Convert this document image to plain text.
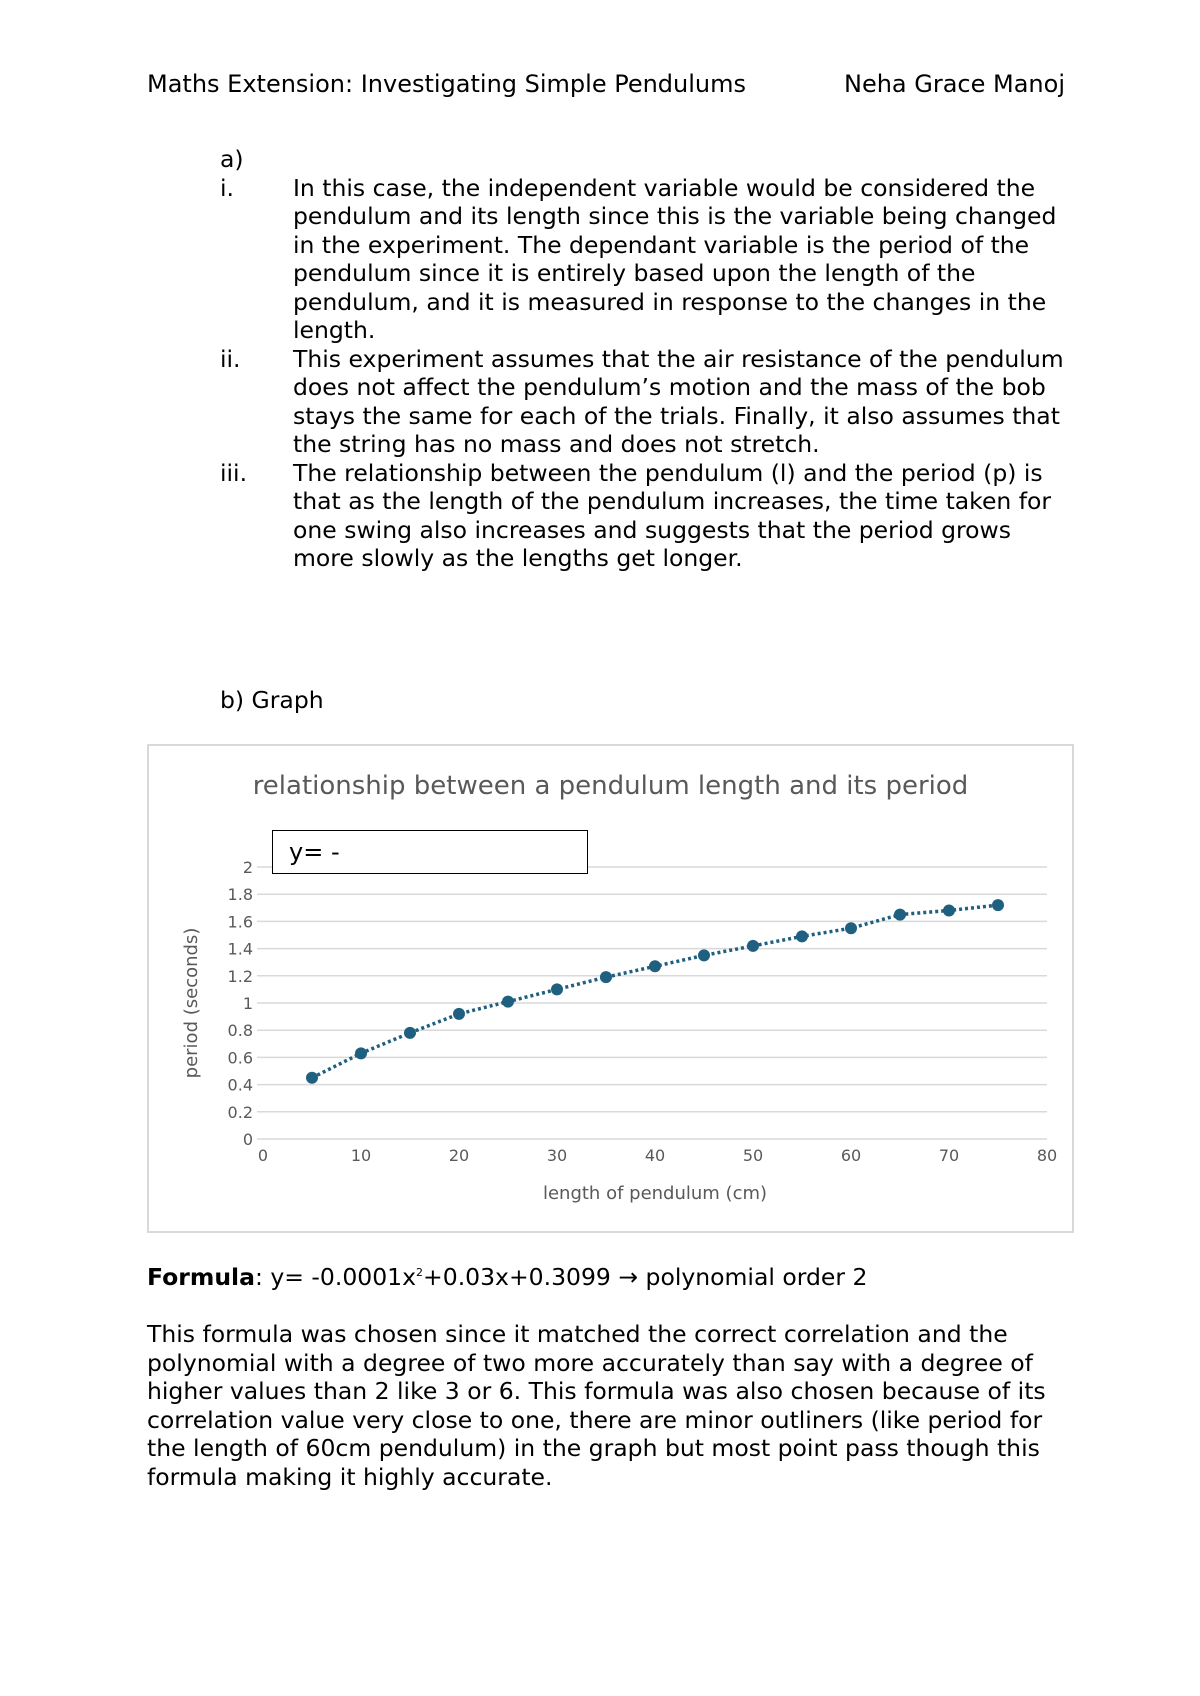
Maths Extension: Investigating Simple Pendulums	Neha Grace Manoj
a)
i.	In this case, the independent variable would be considered the pendulum and its length since this is the variable being changed in the experiment. The dependant variable is the period of the pendulum since it is entirely based upon the length of the pendulum, and it is measured in response to the changes in the length.
ii.	This experiment assumes that the air resistance of the pendulum does not affect the pendulum’s motion and the mass of the bob stays the same for each of the trials. Finally, it also assumes that the string has no mass and does not stretch.
iii.	The relationship between the pendulum (l) and the period (p) is that as the length of the pendulum increases, the time taken for one swing also increases and suggests that the period grows more slowly as the lengths get longer.
b) Graph
0
0.2
0.4
0.6
0.8
1
1.2
1.4
1.6
1.8
2
0	10	20	30	40	50	60	70	80
length of pendulum (cm)
period (seconds)
relationship between a pendulum length and its period
y= -
Formula: $y= -0.0001x^2+0.03x+0.3099$ → polynomial order 2
This formula was chosen since it matched the correct correlation and the polynomial with a degree of two more accurately than say with a degree of higher values than 2 like 3 or 6. This formula was also chosen because of its correlation value very close to one, there are minor outliners (like period for the length of 60cm pendulum) in the graph but most point pass though this formula making it highly accurate.
